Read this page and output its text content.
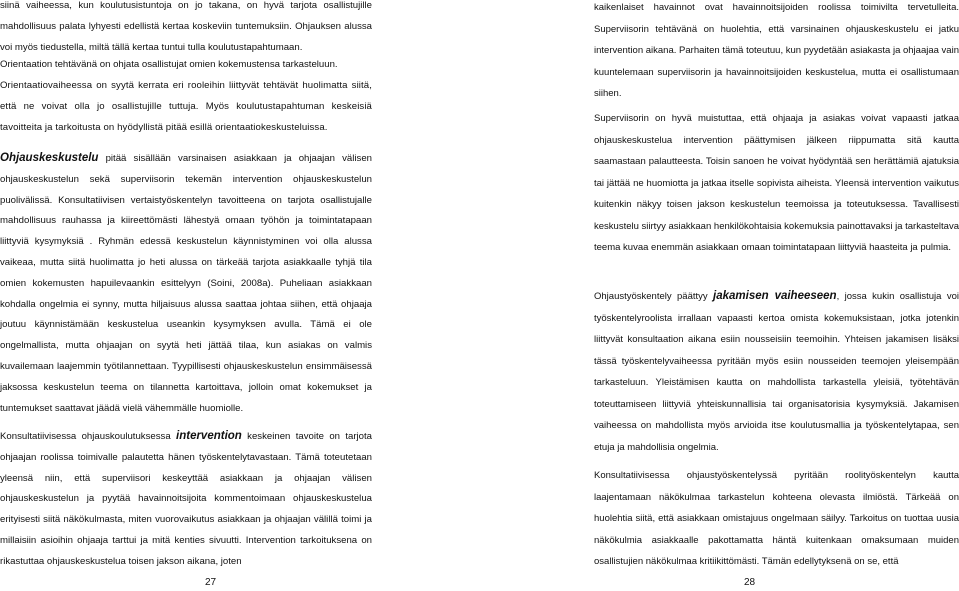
siinä vaiheessa, kun koulutusistuntoja on jo takana, on hyvä tarjota osallistujille mahdollisuus palata lyhyesti edellistä kertaa koskeviin tuntemuksiin. Ohjauksen alussa voi myös tiedustella, miltä tällä kertaa tuntui tulla koulutustapahtumaan.

Orientaation tehtävänä on ohjata osallistujat omien kokemustensa tarkasteluun.

Orientaatiovaiheessa on syytä kerrata eri rooleihin liittyvät tehtävät huolimatta siitä, että ne voivat olla jo osallistujille tuttuja. Myös koulutustapahtuman keskeisiä tavoitteita ja tarkoitusta on hyödyllistä pitää esillä orientaatiokeskusteluissa.

Ohjauskeskustelu pitää sisällään varsinaisen asiakkaan ja ohjaajan välisen ohjauskeskustelun sekä superviisorin tekemän intervention ohjauskeskustelun puolivälissä. Konsultatiivisen vertaistyöskentelyn tavoitteena on tarjota osallistujalle mahdollisuus rauhassa ja kiireettömästi lähestyä omaan työhön ja toimintatapaan liittyviä kysymyksiä . Ryhmän edessä keskustelun käynnistyminen voi olla alussa vaikeaa, mutta siitä huolimatta jo heti alussa on tärkeää tarjota asiakkaalle tyhjä tila omien kokemusten hapuilevaankin esittelyyn (Soini, 2008a). Puheliaan asiakkaan kohdalla ongelmia ei synny, mutta hiljaisuus alussa saattaa johtaa siihen, että ohjaaja joutuu käynnistämään keskustelua useankin kysymyksen avulla. Tämä ei ole ongelmallista, mutta ohjaajan on syytä heti jättää tilaa, kun asiakas on valmis kuvailemaan laajemmin työtilannettaan. Tyypillisesti ohjauskeskustelun ensimmäisessä jaksossa keskustelun teema on tilannetta kartoittava, jolloin omat kokemukset ja tuntemukset saattavat jäädä vielä vähemmälle huomiolle.

Konsultatiivisessa ohjauskoulutuksessa intervention keskeinen tavoite on tarjota ohjaajan roolissa toimivalle palautetta hänen työskentelytavastaan. Tämä toteutetaan yleensä niin, että superviisori keskeyttää asiakkaan ja ohjaajan välisen ohjauskeskustelun ja pyytää havainnoitsijoita kommentoimaan ohjauskeskustelua erityisesti siitä näkökulmasta, miten vuorovaikutus asiakkaan ja ohjaajan välillä toimi ja millaisiin asioihin ohjaaja tarttui ja mitä kenties sivuutti. Intervention tarkoituksena on rikastuttaa ohjauskeskustelua toisen jakson aikana, joten

27

kaikenlaiset havainnot ovat havainnoitsijoiden roolissa toimivilta tervetulleita. Superviisorin tehtävänä on huolehtia, että varsinainen ohjauskeskustelu ei jatku intervention aikana. Parhaiten tämä toteutuu, kun pyydetään asiakasta ja ohjaajaa vain kuuntelemaan superviisorin ja havainnoitsijoiden keskustelua, mutta ei osallistumaan siihen.

Superviisorin on hyvä muistuttaa, että ohjaaja ja asiakas voivat vapaasti jatkaa ohjauskeskustelua intervention päättymisen jälkeen riippumatta sitä kautta saamastaan palautteesta. Toisin sanoen he voivat hyödyntää sen herättämiä ajatuksia tai jättää ne huomiotta ja jatkaa itselle sopivista aiheista. Yleensä intervention vaikutus kuitenkin näkyy toisen jakson keskustelun teemoissa ja toteutuksessa. Tavallisesti keskustelu siirtyy asiakkaan henkilökohtaisia kokemuksia painottavaksi ja tarkasteltava teema kuvaa enemmän asiakkaan omaan toimintatapaan liittyviä haasteita ja pulmia.

Ohjaustyöskentely päättyy jakamisen vaiheeseen, jossa kukin osallistuja voi työskentelyroolista irrallaan vapaasti kertoa omista kokemuksistaan, jotka jotenkin liittyvät konsultaation aikana esiin nousseisiin teemoihin. Yhteisen jakamisen lisäksi tässä työskentelyvaiheessa pyritään myös esiin nousseiden teemojen yleisempään tarkasteluun. Yleistämisen kautta on mahdollista tarkastella yleisiä, työtehtävän toteuttamiseen liittyviä yhteiskunnallisia tai organisatorisia kysymyksiä. Jakamisen vaiheessa on mahdollista myös arvioida itse koulutusmallia ja työskentelytapaa, sen etuja ja mahdollisia ongelmia.

Konsultatiivisessa ohjaustyöskentelyssä pyritään roolityöskentelyn kautta laajentamaan näkökulmaa tarkastelun kohteena olevasta ilmiöstä. Tärkeää on huolehtia siitä, että asiakkaan omistajuus ongelmaan säilyy. Tarkoitus on tuottaa uusia näkökulmia asiakkaalle pakottamatta häntä kuitenkaan omaksumaan muiden osallistujien näkökulmaa kritiikittömästi. Tämän edellytyksenä on se, että

28
